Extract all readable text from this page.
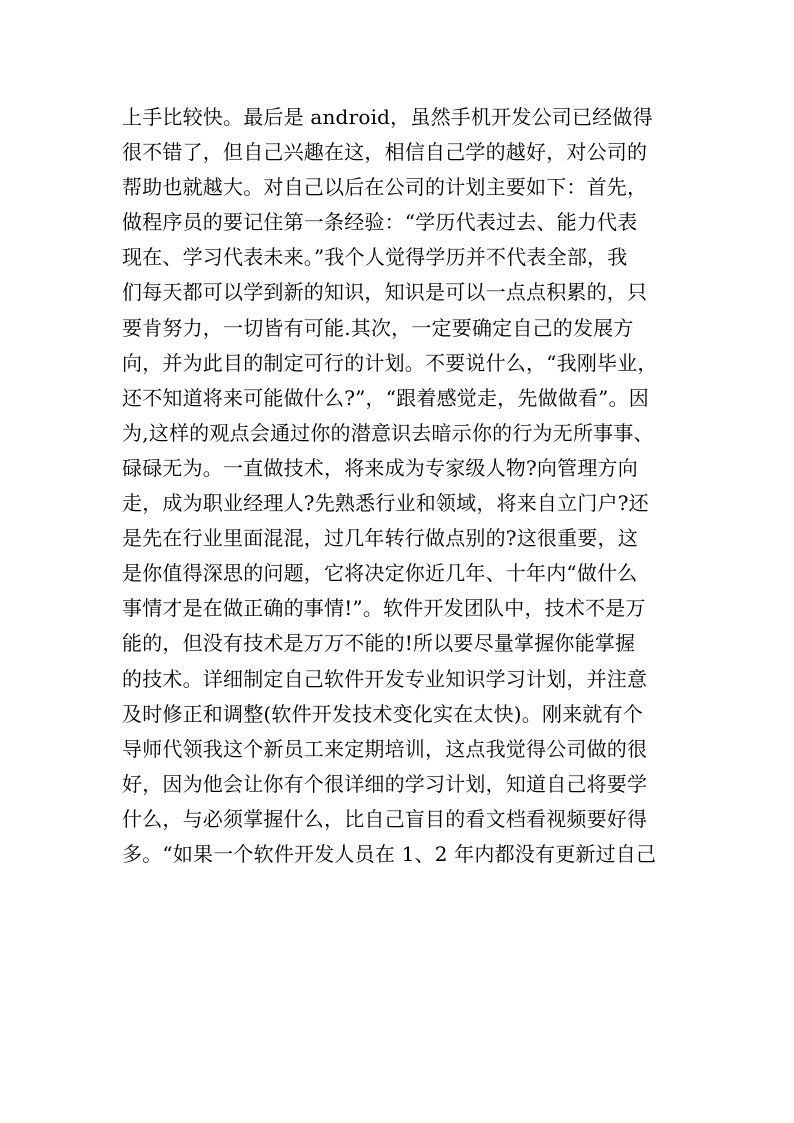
上手比较快。最后是 android，虽然手机开发公司已经做得
很不错了，但自己兴趣在这，相信自己学的越好，对公司的
帮助也就越大。对自己以后在公司的计划主要如下：首先，
做程序员的要记住第一条经验：“学历代表过去、能力代表
现在、学习代表未来。”我个人觉得学历并不代表全部，我
们每天都可以学到新的知识，知识是可以一点点积累的，只
要肯努力，一切皆有可能.其次，一定要确定自己的发展方
向，并为此目的制定可行的计划。不要说什么，“我刚毕业，
还不知道将来可能做什么?”，“跟着感觉走，先做做看”。因
为,这样的观点会通过你的潜意识去暗示你的行为无所事事、
碌碌无为。一直做技术，将来成为专家级人物?向管理方向
走，成为职业经理人?先熟悉行业和领域，将来自立门户?还
是先在行业里面混混，过几年转行做点别的?这很重要，这
是你值得深思的问题，它将决定你近几年、十年内“做什么
事情才是在做正确的事情!”。软件开发团队中，技术不是万
能的，但没有技术是万万不能的!所以要尽量掌握你能掌握
的技术。详细制定自己软件开发专业知识学习计划，并注意
及时修正和调整(软件开发技术变化实在太快)。刚来就有个
导师代领我这个新员工来定期培训，这点我觉得公司做的很
好，因为他会让你有个很详细的学习计划，知道自己将要学
什么，与必须掌握什么，比自己盲目的看文档看视频要好得
多。“如果一个软件开发人员在 1、2 年内都没有更新过自己
